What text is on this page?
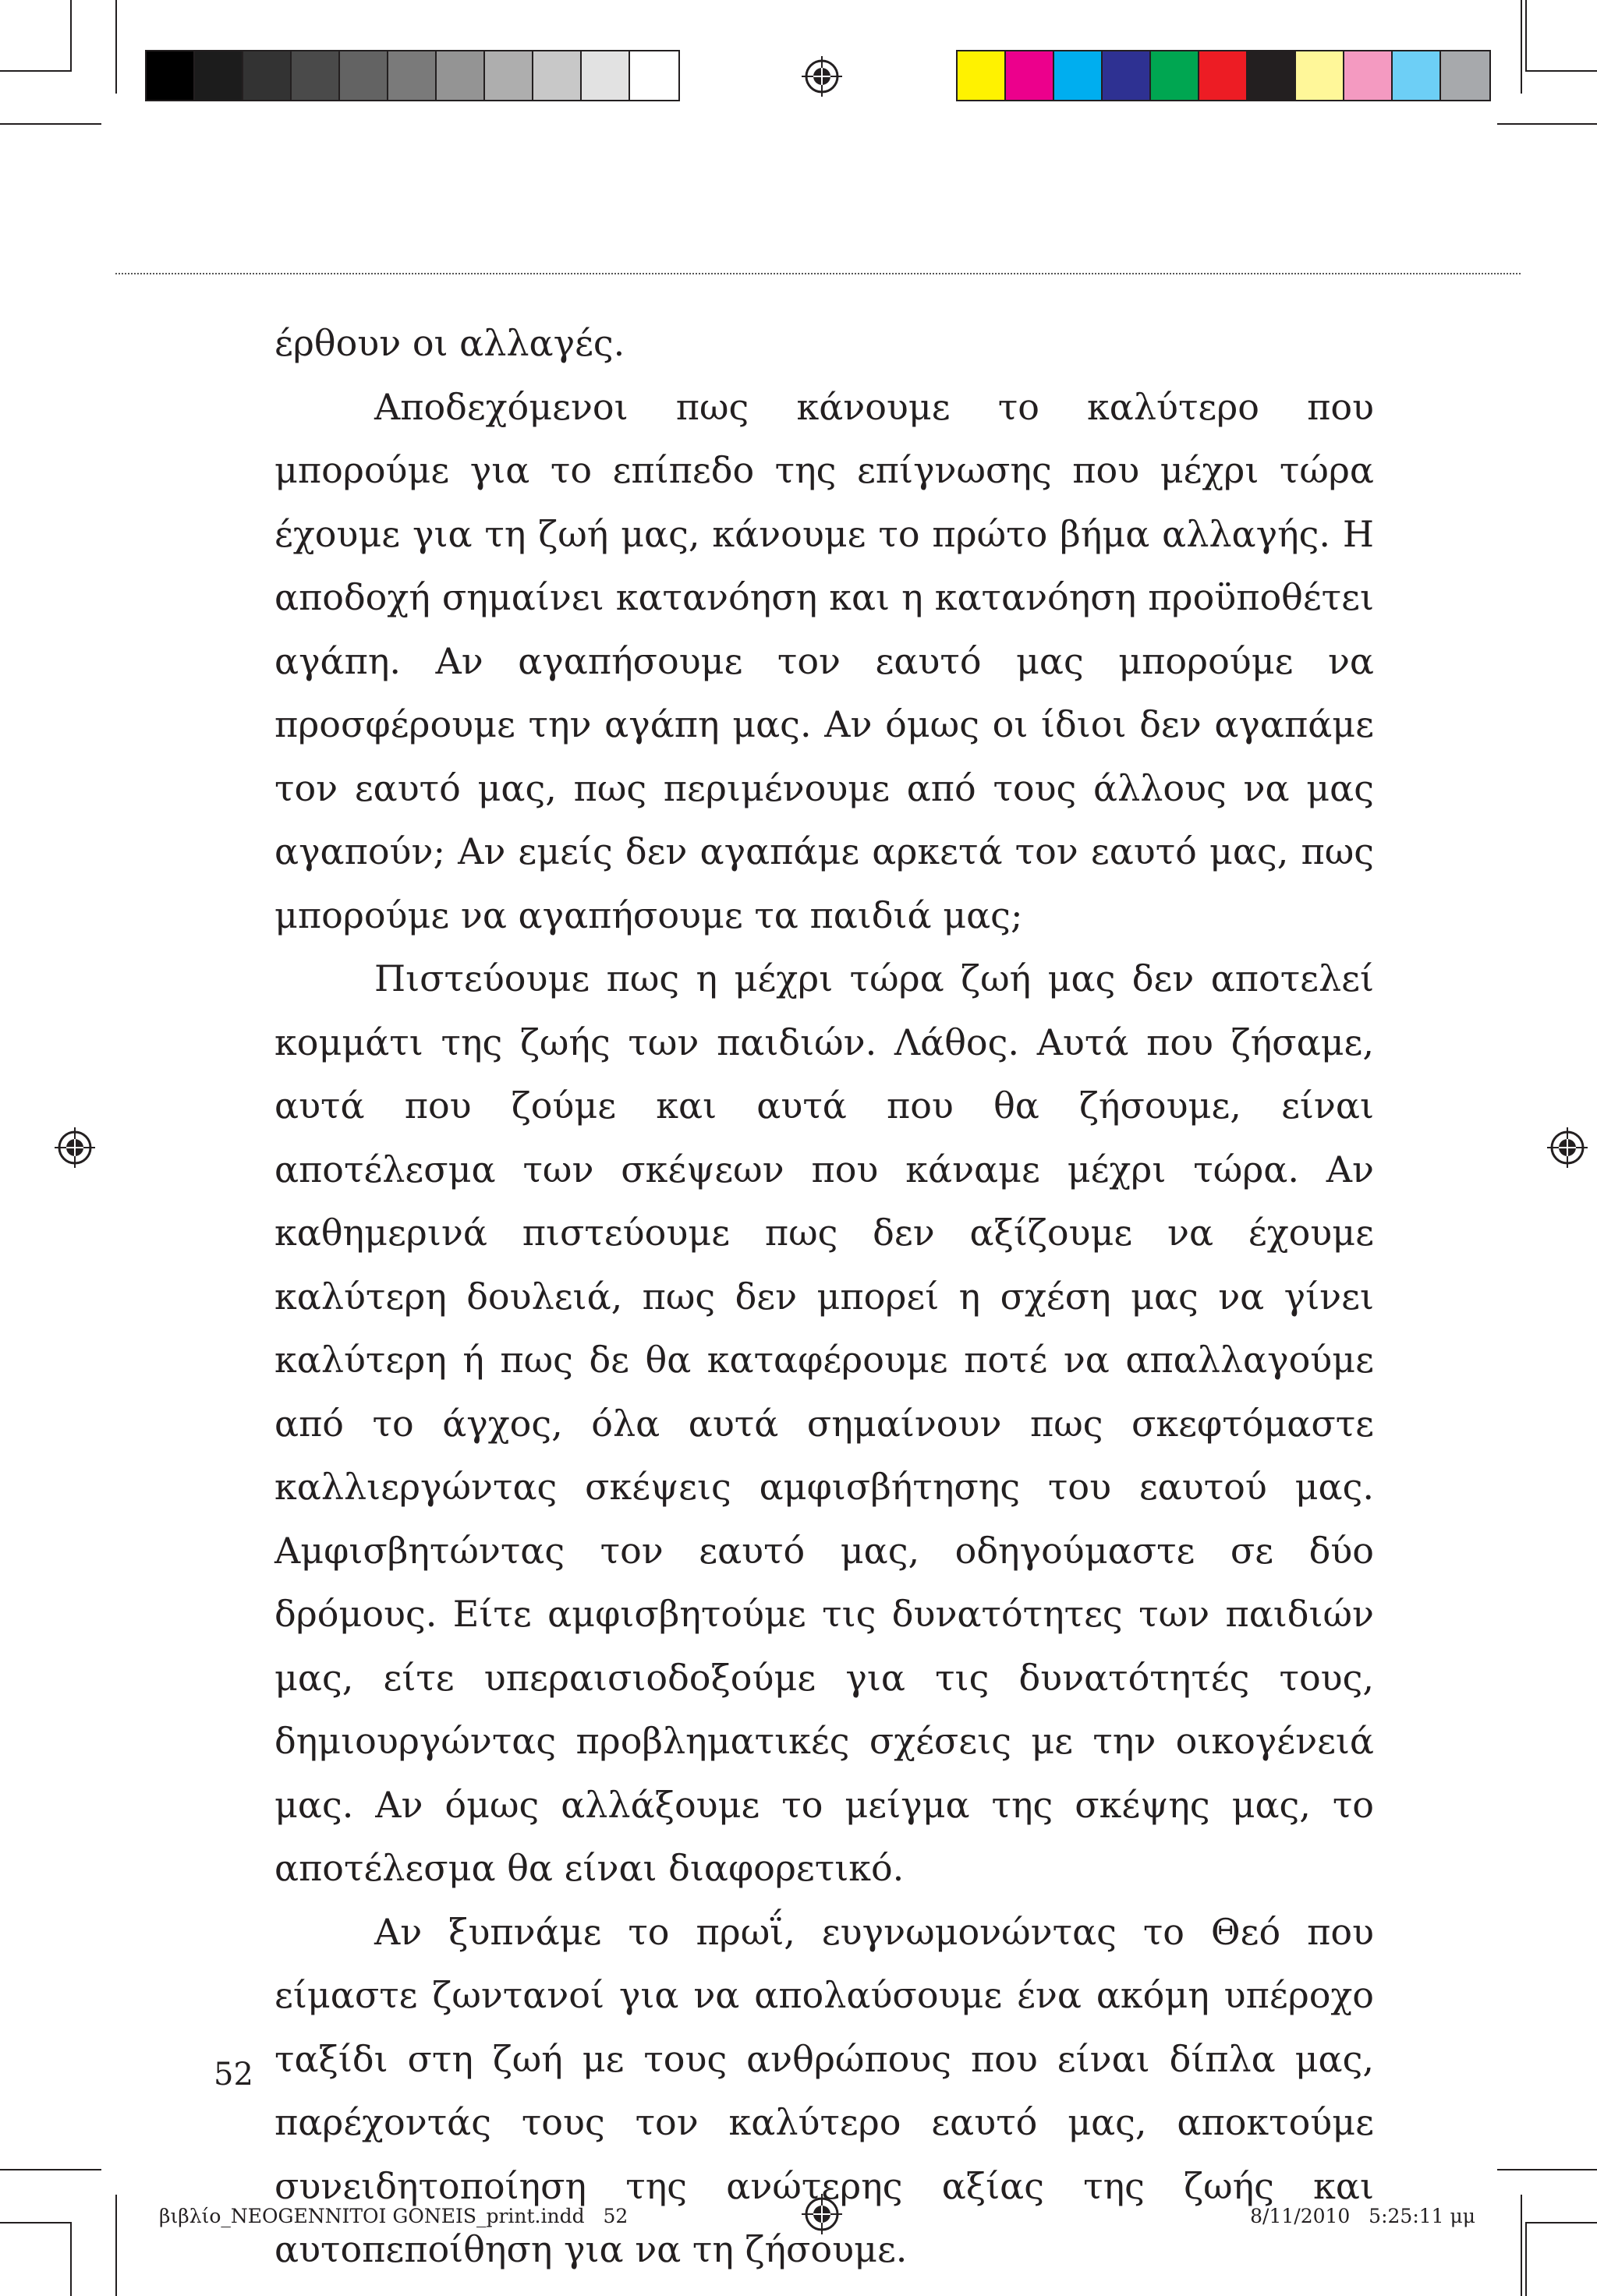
έρθουν οι αλλαγές.

Αποδεχόμενοι πως κάνουμε το καλύτερο που μπορούμε για το επίπεδο της επίγνωσης που μέχρι τώρα έχουμε για τη ζωή μας, κάνουμε το πρώτο βήμα αλλαγής. Η αποδοχή σημαίνει κατανόηση και η κατανόηση προϋποθέτει αγάπη. Αν αγαπήσουμε τον εαυτό μας μπορούμε να προσφέρουμε την αγάπη μας. Αν όμως οι ίδιοι δεν αγαπάμε τον εαυτό μας, πως περιμένουμε από τους άλλους να μας αγαπούν; Αν εμείς δεν αγαπάμε αρκετά τον εαυτό μας, πως μπορούμε να αγαπήσουμε τα παιδιά μας;

Πιστεύουμε πως η μέχρι τώρα ζωή μας δεν αποτελεί κομμάτι της ζωής των παιδιών. Λάθος. Αυτά που ζήσαμε, αυτά που ζούμε και αυτά που θα ζήσουμε, είναι αποτέλεσμα των σκέψεων που κάναμε μέχρι τώρα. Αν καθημερινά πιστεύουμε πως δεν αξίζουμε να έχουμε καλύτερη δουλειά, πως δεν μπορεί η σχέση μας να γίνει καλύτερη ή πως δε θα καταφέρουμε ποτέ να απαλλαγούμε από το άγχος, όλα αυτά σημαίνουν πως σκεφτόμαστε καλλιεργώντας σκέψεις αμφισβήτησης του εαυτού μας. Αμφισβητώντας τον εαυτό μας, οδηγούμαστε σε δύο δρόμους. Είτε αμφισβητούμε τις δυνατότητες των παιδιών μας, είτε υπεραισιοδοξούμε για τις δυνατότητές τους, δημιουργώντας προβληματικές σχέσεις με την οικογένειά μας. Αν όμως αλλάξουμε το μείγμα της σκέψης μας, το αποτέλεσμα θα είναι διαφορετικό.

Αν ξυπνάμε το πρωΐ, ευγνωμονώντας το Θεό που είμαστε ζωντανοί για να απολαύσουμε ένα ακόμη υπέροχο ταξίδι στη ζωή με τους ανθρώπους που είναι δίπλα μας, παρέχοντάς τους τον καλύτερο εαυτό μας, αποκτούμε συνειδητοποίηση της ανώτερης αξίας της ζωής και αυτοπεποίθηση για να τη ζήσουμε.

52
βιβλίο_NEOGENNITOI GONEIS_print.indd   52	8/11/2010   5:25:11 μμ
